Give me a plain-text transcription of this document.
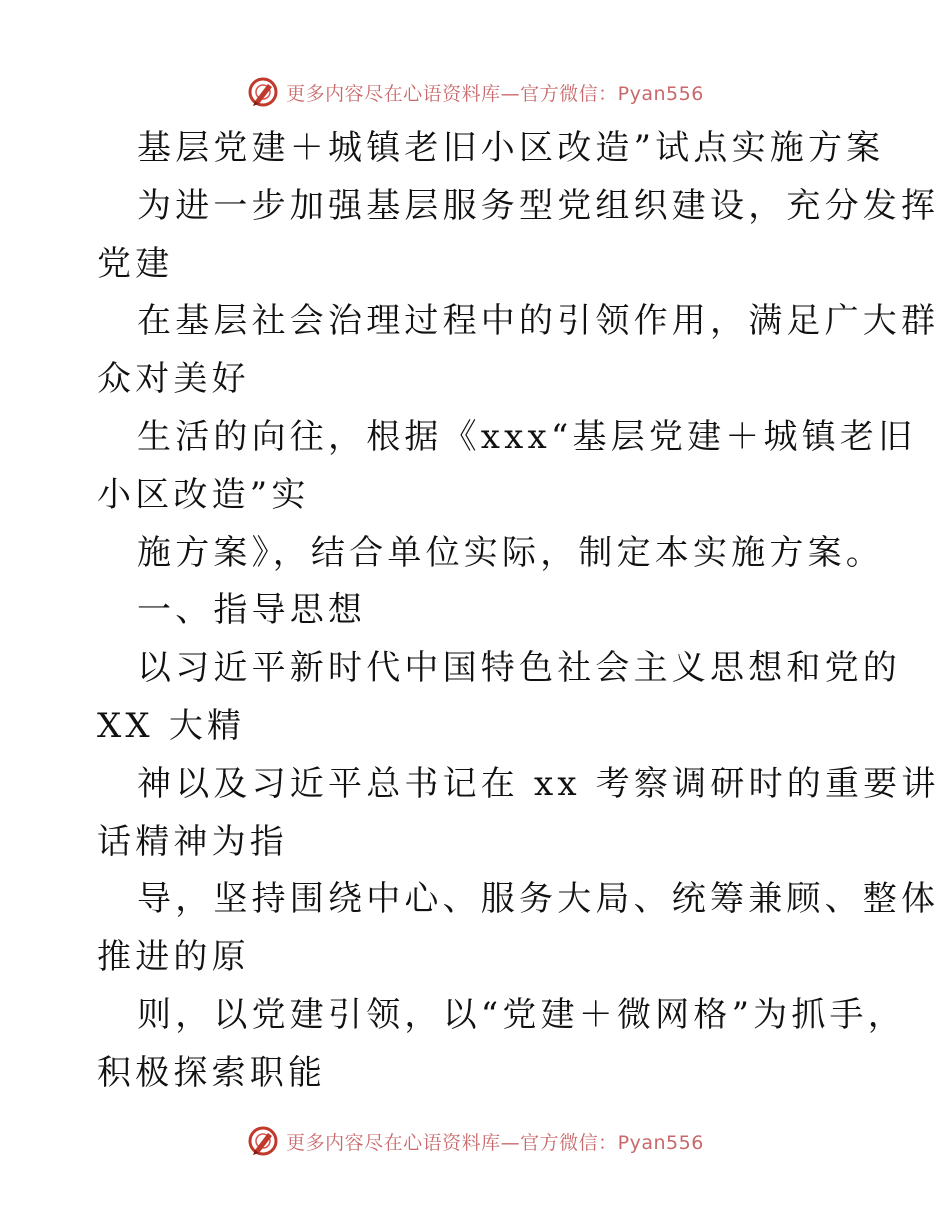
更多内容尽在心语资料库—官方微信：Pyan556
基层党建＋城镇老旧小区改造”试点实施方案
为进一步加强基层服务型党组织建设，充分发挥
党建
在基层社会治理过程中的引领作用，满足广大群
众对美好
生活的向往，根据《xxx“基层党建＋城镇老旧
小区改造”实
施方案》，结合单位实际，制定本实施方案。
一、指导思想
以习近平新时代中国特色社会主义思想和党的
XX 大精
神以及习近平总书记在 xx 考察调研时的重要讲
话精神为指
导，坚持围绕中心、服务大局、统筹兼顾、整体
推进的原
则，以党建引领，以“党建＋微网格”为抓手，
积极探索职能
更多内容尽在心语资料库—官方微信：Pyan556
